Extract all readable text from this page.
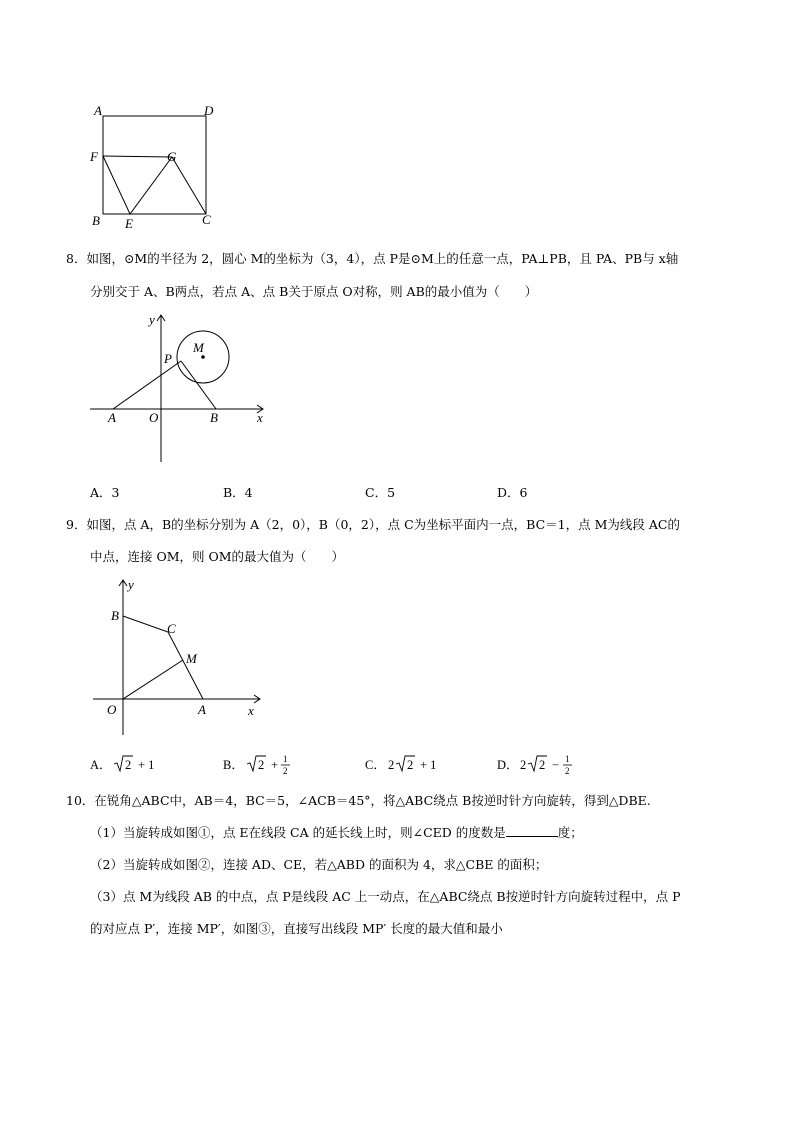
A	D
F	G
B E	C
8．如图，⊙M的半径为 2，圆心 M的坐标为（3，4），点 P是⊙M上的任意一点，PA⊥PB，且 PA、PB与 x轴
分别交于 A、B两点，若点 A、点 B关于原点 O对称，则 AB的最小值为（　　）
y
M
P
A	O	B	x
A．3	B．4	C．5	D．6
9．如图，点 A，B的坐标分别为 A（2，0），B（0，2），点 C为坐标平面内一点，BC＝1，点 M为线段 AC的
中点，连接 OM，则 OM的最大值为（　　）
y
B
C
M
O	A	x
A． 2 + 1	B． 2 + 1
2	C． 2 2 + 1	D． 2 2 − 1
2
10．在锐角△ABC中，AB＝4，BC＝5，∠ACB＝45°，将△ABC绕点 B按逆时针方向旋转，得到△DBE.
（1）当旋转成如图①，点 E在线段 CA 的延长线上时，则∠CED 的度数是	度；
（2）当旋转成如图②，连接 AD、CE，若△ABD 的面积为 4，求△CBE 的面积；
（3）点 M为线段 AB 的中点，点 P是线段 AC 上一动点，在△ABC绕点 B按逆时针方向旋转过程中，点 P
的对应点 P′，连接 MP′，如图③，直接写出线段 MP′ 长度的最大值和最小
